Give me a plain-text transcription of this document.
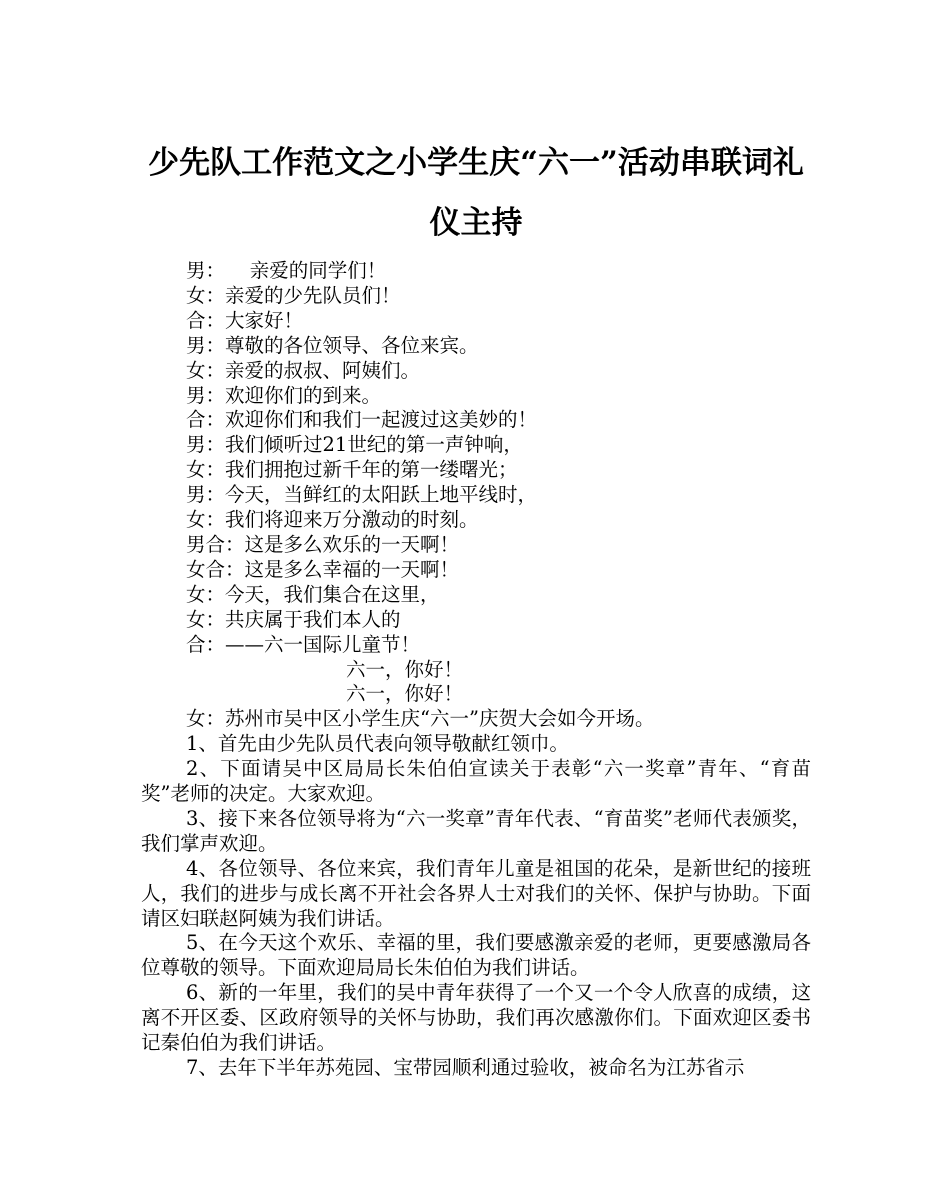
少先队工作范文之小学生庆“六一”活动串联词礼仪主持

男：    亲爱的同学们！

女：亲爱的少先队员们！

合：大家好！

男：尊敬的各位领导、各位来宾。

女：亲爱的叔叔、阿姨们。

男：欢迎你们的到来。

合：欢迎你们和我们一起渡过这美妙的！

男：我们倾听过21世纪的第一声钟响，

女：我们拥抱过新千年的第一缕曙光；

男：今天，当鲜红的太阳跃上地平线时，

女：我们将迎来万分激动的时刻。

男合：这是多么欢乐的一天啊！

女合：这是多么幸福的一天啊！

女：今天，我们集合在这里，

女：共庆属于我们本人的

合：——六一国际儿童节！

六一，你好！

六一，你好！

女：苏州市吴中区小学生庆“六一”庆贺大会如今开场。

1、首先由少先队员代表向领导敬献红领巾。

2、下面请吴中区局局长朱伯伯宣读关于表彰“六一奖章”青年、“育苗奖”老师的决定。大家欢迎。

3、接下来各位领导将为“六一奖章”青年代表、“育苗奖”老师代表颁奖，我们掌声欢迎。

4、各位领导、各位来宾，我们青年儿童是祖国的花朵，是新世纪的接班人，我们的进步与成长离不开社会各界人士对我们的关怀、保护与协助。下面请区妇联赵阿姨为我们讲话。

5、在今天这个欢乐、幸福的里，我们要感激亲爱的老师，更要感激局各位尊敬的领导。下面欢迎局局长朱伯伯为我们讲话。

6、新的一年里，我们的吴中青年获得了一个又一个令人欣喜的成绩，这离不开区委、区政府领导的关怀与协助，我们再次感激你们。下面欢迎区委书记秦伯伯为我们讲话。

7、去年下半年苏苑园、宝带园顺利通过验收，被命名为江苏省示
